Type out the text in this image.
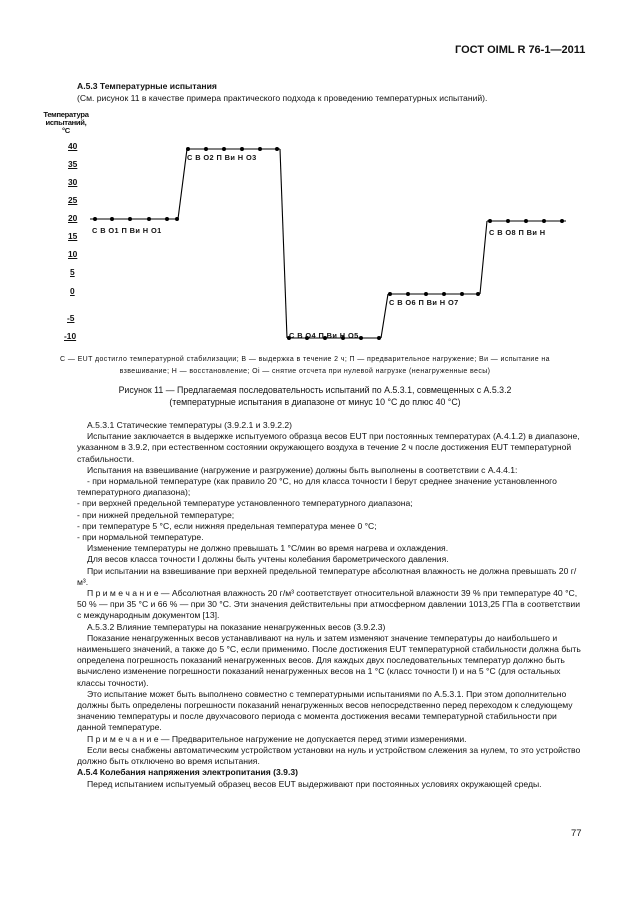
ГОСТ OIML R 76-1—2011
А.5.3 Температурные испытания
(См. рисунок 11 в качестве примера практического подхода к проведению температурных испытаний).
Температура
испытаний,
°С
40
35
30
25
20
15
10
5
0
-5
-10
С В О1 П Ви Н О1
С В О2 П Ви Н О3
С В О4 П Ви Н О5
С В О6 П Ви Н О7
С В О8 П Ви Н
С — EUT достигло температурной стабилизации; В — выдержка в течение 2 ч; П — предварительное нагружение; Ви — испытание на взвешивание; Н — восстановление; Оi — снятие отсчета при нулевой нагрузке (ненагруженные весы)
Рисунок 11 — Предлагаемая последовательность испытаний по А.5.3.1, совмещенных с А.5.3.2
(температурные испытания в диапазоне от минус 10 °С до плюс 40 °С)

А.5.3.1 Статические температуры (3.9.2.1 и 3.9.2.2)

Испытание заключается в выдержке испытуемого образца весов EUT при постоянных температурах (А.4.1.2) в диапазоне, указанном в 3.9.2, при естественном состоянии окружающего воздуха в течение 2 ч после достижения EUT температурной стабильности.

Испытания на взвешивание (нагружение и разгружение) должны быть выполнены в соответствии с А.4.4.1:

- при нормальной температуре (как правило 20 °С, но для класса точности I берут среднее значение установленного температурного диапазона);

- при верхней предельной температуре установленного температурного диапазона;

- при нижней предельной температуре;

- при температуре 5 °С, если нижняя предельная температура менее 0 °С;

- при нормальной температуре.

Изменение температуры не должно превышать 1 °С/мин во время нагрева и охлаждения.

Для весов класса точности I должны быть учтены колебания барометрического давления.

При испытании на взвешивание при верхней предельной температуре абсолютная влажность не должна превышать 20 г/м³.

П р и м е ч а н и е — Абсолютная влажность 20 г/м³ соответствует относительной влажности 39 % при температуре 40 °С, 50 % — при 35 °С и 66 % — при 30 °С. Эти значения действительны при атмосферном давлении 1013,25 ГПа в соответствии с международным документом [13].

А.5.3.2 Влияние температуры на показание ненагруженных весов (3.9.2.3)

Показание ненагруженных весов устанавливают на нуль и затем изменяют значение температуры до наибольшего и наименьшего значений, а также до 5 °С, если применимо. После достижения EUT температурной стабильности должна быть определена погрешность показаний ненагруженных весов. Для каждых двух последовательных температур должно быть вычислено изменение погрешности показаний ненагруженных весов на 1 °С (класс точности I) и на 5 °С (для остальных классы точности).

Это испытание может быть выполнено совместно с температурными испытаниями по А.5.3.1. При этом дополнительно должны быть определены погрешности показаний ненагруженных весов непосредственно перед переходом к следующему значению температуры и после двухчасового периода с момента достижения весами температурной стабильности при данной температуре.

П р и м е ч а н и е — Предварительное нагружение не допускается перед этими измерениями.

Если весы снабжены автоматическим устройством установки на нуль и устройством слежения за нулем, то это устройство должно быть отключено во время испытания.

А.5.4 Колебания напряжения электропитания (3.9.3)

Перед испытанием испытуемый образец весов EUT выдерживают при постоянных условиях окружающей среды.

77
